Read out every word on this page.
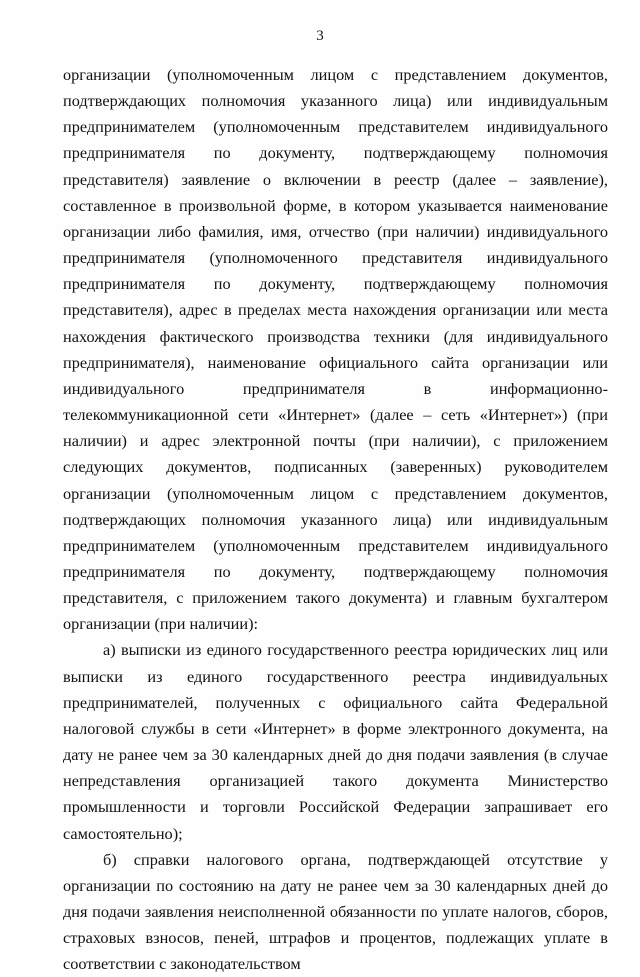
3

организации (уполномоченным лицом с представлением документов, подтверждающих полномочия указанного лица) или индивидуальным предпринимателем (уполномоченным представителем индивидуального предпринимателя по документу, подтверждающему полномочия представителя) заявление о включении в реестр (далее – заявление), составленное в произвольной форме, в котором указывается наименование организации либо фамилия, имя, отчество (при наличии) индивидуального предпринимателя (уполномоченного представителя индивидуального предпринимателя по документу, подтверждающему полномочия представителя), адрес в пределах места нахождения организации или места нахождения фактического производства техники (для индивидуального предпринимателя), наименование официального сайта организации или индивидуального предпринимателя в информационно-телекоммуникационной сети «Интернет» (далее – сеть «Интернет») (при наличии) и адрес электронной почты (при наличии), с приложением следующих документов, подписанных (заверенных) руководителем организации (уполномоченным лицом с представлением документов, подтверждающих полномочия указанного лица) или индивидуальным предпринимателем (уполномоченным представителем индивидуального предпринимателя по документу, подтверждающему полномочия представителя, с приложением такого документа) и главным бухгалтером организации (при наличии):

а) выписки из единого государственного реестра юридических лиц или выписки из единого государственного реестра индивидуальных предпринимателей, полученных с официального сайта Федеральной налоговой службы в сети «Интернет» в форме электронного документа, на дату не ранее чем за 30 календарных дней до дня подачи заявления (в случае непредставления организацией такого документа Министерство промышленности и торговли Российской Федерации запрашивает его самостоятельно);

б) справки налогового органа, подтверждающей отсутствие у организации по состоянию на дату не ранее чем за 30 календарных дней до дня подачи заявления неисполненной обязанности по уплате налогов, сборов, страховых взносов, пеней, штрафов и процентов, подлежащих уплате в соответствии с законодательством
